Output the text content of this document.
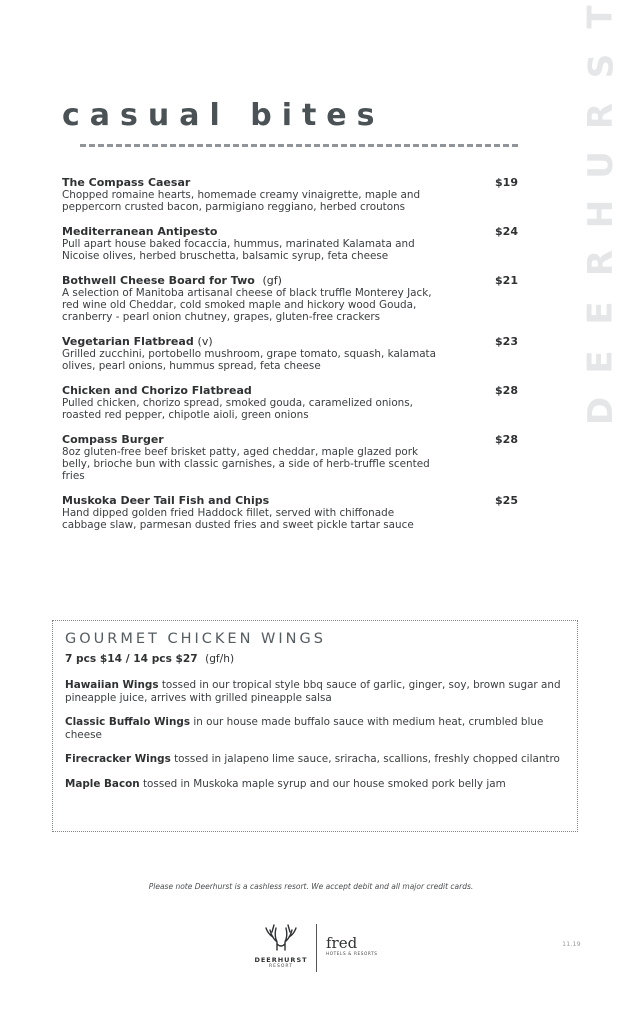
T
S
R
U
H
R
E
E
D
casual bites
The Compass Caesar	$19
Chopped romaine hearts, homemade creamy vinaigrette, maple and peppercorn crusted bacon, parmigiano reggiano, herbed croutons
Mediterranean Antipesto	$24
Pull apart house baked focaccia, hummus, marinated Kalamata and Nicoise olives, herbed bruschetta, balsamic syrup, feta cheese
Bothwell Cheese Board for Two (gf)	$21
A selection of Manitoba artisanal cheese of black truffle Monterey Jack, red wine old Cheddar, cold smoked maple and hickory wood Gouda, cranberry - pearl onion chutney, grapes, gluten-free crackers
Vegetarian Flatbread (v)	$23
Grilled zucchini, portobello mushroom, grape tomato, squash, kalamata olives, pearl onions, hummus spread, feta cheese
Chicken and Chorizo Flatbread	$28
Pulled chicken, chorizo spread, smoked gouda, caramelized onions, roasted red pepper, chipotle aioli, green onions
Compass Burger	$28
8oz gluten-free beef brisket patty, aged cheddar, maple glazed pork belly, brioche bun with classic garnishes, a side of herb-truffle scented fries
Muskoka Deer Tail Fish and Chips	$25
Hand dipped golden fried Haddock fillet, served with chiffonade cabbage slaw, parmesan dusted fries and sweet pickle tartar sauce
GOURMET CHICKEN WINGS
7 pcs $14 / 14 pcs $27 (gf/h)
Hawaiian Wings tossed in our tropical style bbq sauce of garlic, ginger, soy, brown sugar and pineapple juice, arrives with grilled pineapple salsa
Classic Buffalo Wings in our house made buffalo sauce with medium heat, crumbled blue cheese
Firecracker Wings tossed in jalapeno lime sauce, sriracha, scallions, freshly chopped cilantro
Maple Bacon tossed in Muskoka maple syrup and our house smoked pork belly jam
Please note Deerhurst is a cashless resort. We accept debit and all major credit cards.
DEERHURST
RESORT
fred
HOTELS & RESORTS
11.19
